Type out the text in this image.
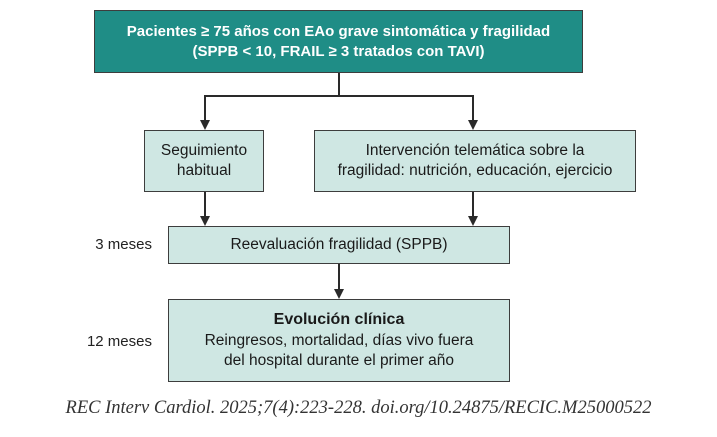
Pacientes ≥ 75 años con EAo grave sintomática y fragilidad
(SPPB < 10, FRAIL ≥ 3 tratados con TAVI)
Seguimiento
habitual
Intervención telemática sobre la
fragilidad: nutrición, educación, ejercicio
3 meses	Reevaluación fragilidad (SPPB)
12 meses
Evolución clínica
Reingresos, mortalidad, días vivo fuera
del hospital durante el primer año
REC Interv Cardiol. 2025;7(4):223-228. doi.org/10.24875/RECIC.M25000522
